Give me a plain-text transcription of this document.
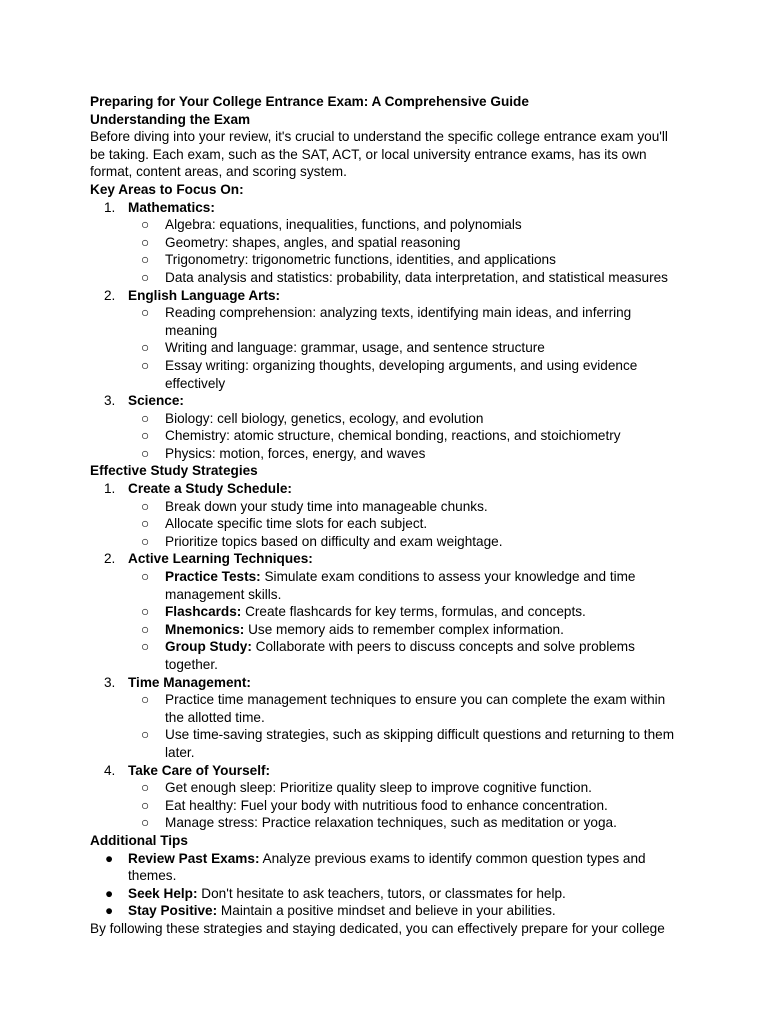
Preparing for Your College Entrance Exam: A Comprehensive Guide
Understanding the Exam
Before diving into your review, it's crucial to understand the specific college entrance exam you'll be taking. Each exam, such as the SAT, ACT, or local university entrance exams, has its own format, content areas, and scoring system.
Key Areas to Focus On:
1. Mathematics:
○ Algebra: equations, inequalities, functions, and polynomials
○ Geometry: shapes, angles, and spatial reasoning
○ Trigonometry: trigonometric functions, identities, and applications
○ Data analysis and statistics: probability, data interpretation, and statistical measures
2. English Language Arts:
○ Reading comprehension: analyzing texts, identifying main ideas, and inferring meaning
○ Writing and language: grammar, usage, and sentence structure
○ Essay writing: organizing thoughts, developing arguments, and using evidence effectively
3. Science:
○ Biology: cell biology, genetics, ecology, and evolution
○ Chemistry: atomic structure, chemical bonding, reactions, and stoichiometry
○ Physics: motion, forces, energy, and waves
Effective Study Strategies
1. Create a Study Schedule:
○ Break down your study time into manageable chunks.
○ Allocate specific time slots for each subject.
○ Prioritize topics based on difficulty and exam weightage.
2. Active Learning Techniques:
○ Practice Tests: Simulate exam conditions to assess your knowledge and time management skills.
○ Flashcards: Create flashcards for key terms, formulas, and concepts.
○ Mnemonics: Use memory aids to remember complex information.
○ Group Study: Collaborate with peers to discuss concepts and solve problems together.
3. Time Management:
○ Practice time management techniques to ensure you can complete the exam within the allotted time.
○ Use time-saving strategies, such as skipping difficult questions and returning to them later.
4. Take Care of Yourself:
○ Get enough sleep: Prioritize quality sleep to improve cognitive function.
○ Eat healthy: Fuel your body with nutritious food to enhance concentration.
○ Manage stress: Practice relaxation techniques, such as meditation or yoga.
Additional Tips
● Review Past Exams: Analyze previous exams to identify common question types and themes.
● Seek Help: Don't hesitate to ask teachers, tutors, or classmates for help.
● Stay Positive: Maintain a positive mindset and believe in your abilities.
By following these strategies and staying dedicated, you can effectively prepare for your college
